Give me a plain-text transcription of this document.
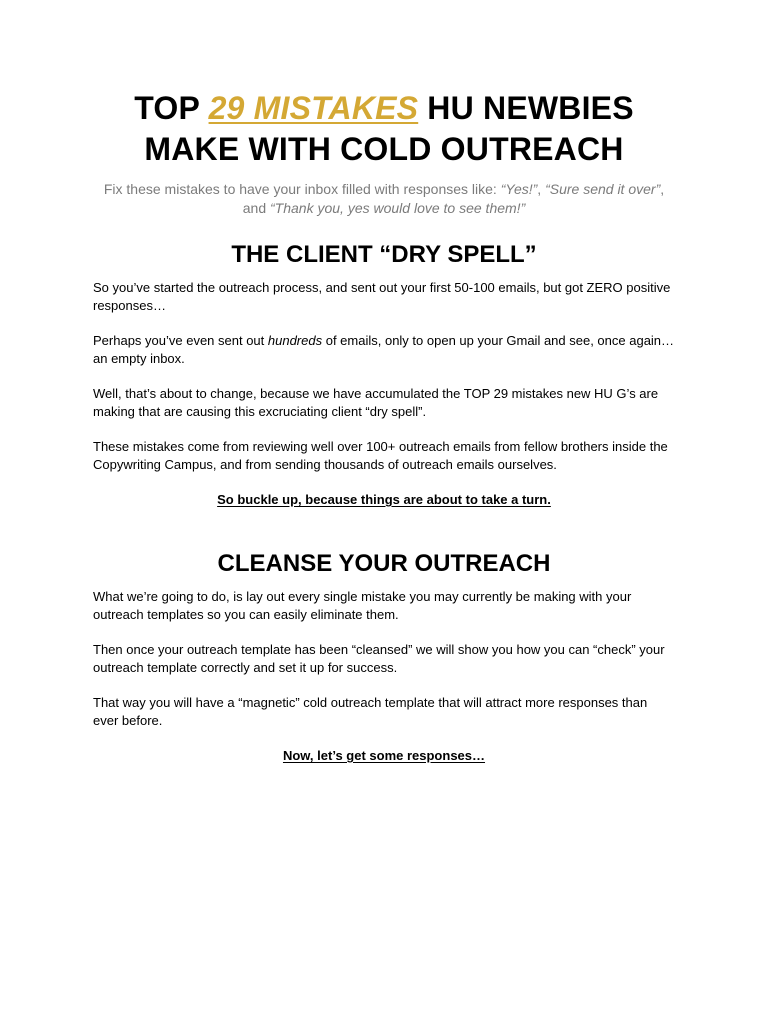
TOP 29 MISTAKES HU NEWBIES
MAKE WITH COLD OUTREACH

Fix these mistakes to have your inbox filled with responses like: “Yes!”, “Sure send it over”, and “Thank you, yes would love to see them!”

THE CLIENT “DRY SPELL”

So you’ve started the outreach process, and sent out your first 50-100 emails, but got ZERO positive responses…

Perhaps you’ve even sent out hundreds of emails, only to open up your Gmail and see, once again… an empty inbox.

Well, that’s about to change, because we have accumulated the TOP 29 mistakes new HU G’s are making that are causing this excruciating client “dry spell”.

These mistakes come from reviewing well over 100+ outreach emails from fellow brothers inside the Copywriting Campus, and from sending thousands of outreach emails ourselves.

So buckle up, because things are about to take a turn.

CLEANSE YOUR OUTREACH

What we’re going to do, is lay out every single mistake you may currently be making with your outreach templates so you can easily eliminate them.

Then once your outreach template has been “cleansed” we will show you how you can “check” your outreach template correctly and set it up for success.

That way you will have a “magnetic” cold outreach template that will attract more responses than ever before.

Now, let’s get some responses…
